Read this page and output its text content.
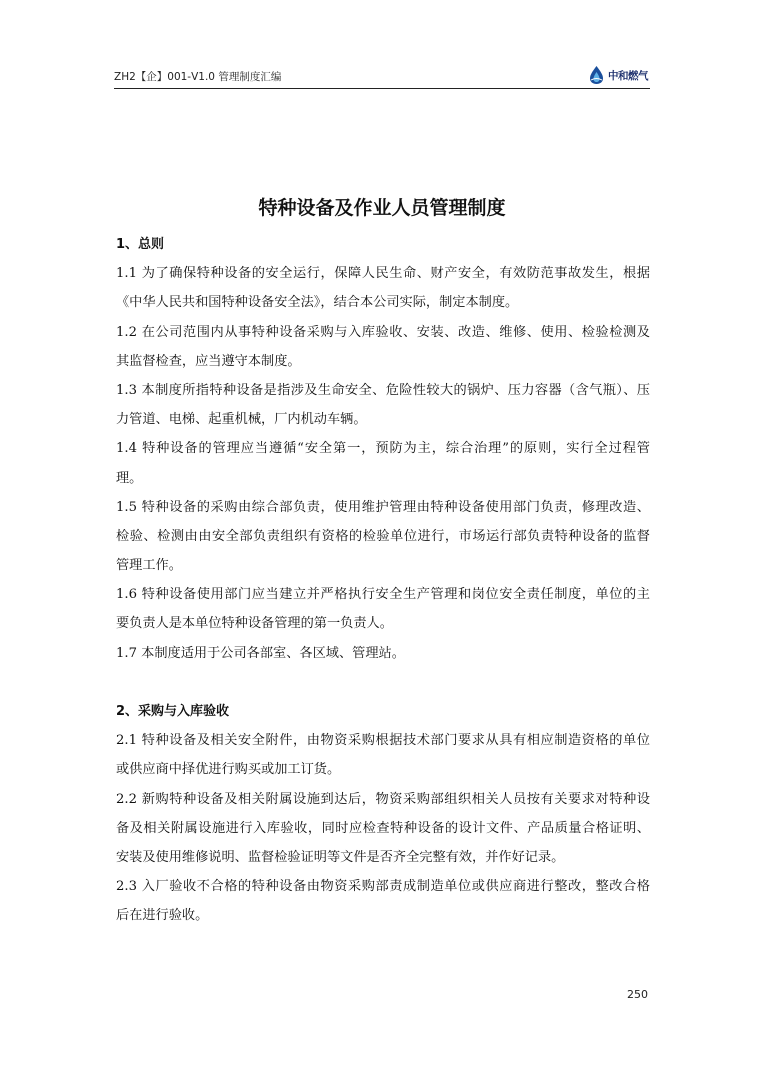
ZH2【企】001-V1.0 管理制度汇编	中和燃气
特种设备及作业人员管理制度
1、总则
1.1 为了确保特种设备的安全运行，保障人民生命、财产安全，有效防范事故发生，根据
《中华人民共和国特种设备安全法》，结合本公司实际，制定本制度。
1.2 在公司范围内从事特种设备采购与入库验收、安装、改造、维修、使用、检验检测及
其监督检查，应当遵守本制度。
1.3 本制度所指特种设备是指涉及生命安全、危险性较大的锅炉、压力容器（含气瓶）、压
力管道、电梯、起重机械，厂内机动车辆。
1.4 特种设备的管理应当遵循“安全第一，预防为主，综合治理”的原则，实行全过程管
理。
1.5 特种设备的采购由综合部负责，使用维护管理由特种设备使用部门负责，修理改造、
检验、检测由由安全部负责组织有资格的检验单位进行，市场运行部负责特种设备的监督
管理工作。
1.6 特种设备使用部门应当建立并严格执行安全生产管理和岗位安全责任制度，单位的主
要负责人是本单位特种设备管理的第一负责人。
1.7 本制度适用于公司各部室、各区域、管理站。
2、采购与入库验收
2.1 特种设备及相关安全附件，由物资采购根据技术部门要求从具有相应制造资格的单位
或供应商中择优进行购买或加工订货。
2.2 新购特种设备及相关附属设施到达后，物资采购部组织相关人员按有关要求对特种设
备及相关附属设施进行入库验收，同时应检查特种设备的设计文件、产品质量合格证明、
安装及使用维修说明、监督检验证明等文件是否齐全完整有效，并作好记录。
2.3 入厂验收不合格的特种设备由物资采购部责成制造单位或供应商进行整改，整改合格
后在进行验收。
250
